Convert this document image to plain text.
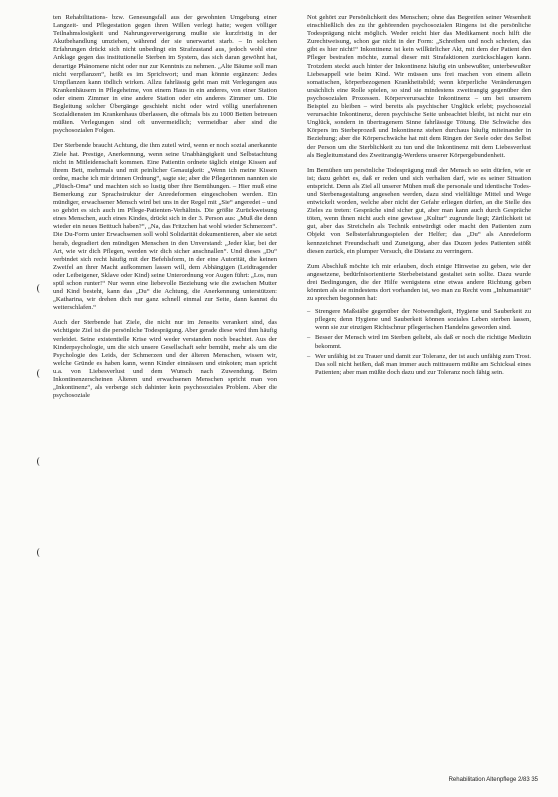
ten Rehabilitations- bzw. Genesungsfall aus der gewohnten Umgebung einer Langzeit- und Pflegestation gegen ihren Willen verlegt hatte; wegen völliger Teilnahmslosigkeit und Nahrungsverweigerung mußte sie kurzfristig in der Akutbehandlung umziehen, während der sie unerwartet starb. – In solchen Erfahrungen drückt sich nicht unbedingt ein Strafzustand aus, jedoch wohl eine Anklage gegen das institutionelle Sterben im System, das sich daran gewöhnt hat, derartige Phänomene nicht oder nur zur Kenntnis zu nehmen. „Alte Bäume soll man nicht verpflanzen“, heißt es im Sprichwort; und man könnte ergänzen: Jedes Umpflanzen kann tödlich wirken. Allzu fahrlässig geht man mit Verlegungen aus Krankenhäusern in Pflegeheime, von einem Haus in ein anderes, von einer Station oder einem Zimmer in eine andere Station oder ein anderes Zimmer um. Die Begleitung solcher Übergänge geschieht nicht oder wird völlig unerfahrenen Sozialdiensten im Krankenhaus überlassen, die oftmals bis zu 1000 Betten betreuen müßten. Verlegungen sind oft unvermeidlich; vermeidbar aber sind die psychosozialen Folgen.

Der Sterbende braucht Achtung, die ihm zuteil wird, wenn er noch sozial anerkannte Ziele hat. Prestige, Anerkennung, wenn seine Unabhängigkeit und Selbstachtung nicht in Mitleidenschaft kommen. Eine Patientin ordnete täglich einige Kissen auf ihrem Bett, mehrmals und mit peinlicher Genauigkeit: „Wenn ich meine Kissen ordne, mache ich mir drinnen Ordnung“, sagte sie; aber die Pflegerinnen nannten sie „Plüsch-Oma“ und machten sich so lustig über ihre Bemühungen. – Hier muß eine Bemerkung zur Sprachstruktur der Anredeformen eingeschoben werden. Ein mündiger, erwachsener Mensch wird bei uns in der Regel mit „Sie“ angeredet – und so gehört es sich auch im Pflege-Patienten-Verhältnis. Die größte Zurückweisung eines Menschen, auch eines Kindes, drückt sich in der 3. Person aus: „Muß die denn wieder ein neues Betttuch haben?“, „Na, das Fritzchen hat wohl wieder Schmerzen“. Die Du-Form unter Erwachsenen soll wohl Solidarität dokumentieren, aber sie setzt herab, degradiert den mündigen Menschen in den Unverstand: „Jeder klar, bei der Art, wie wir dich Pflegen, werden wir dich sicher anschnallen“. Und dieses „Du“ verbindet sich recht häufig mit der Befehlsform, in der eine Autorität, die keinen Zweifel an ihrer Macht aufkommen lassen will, dem Abhängigen (Leidtragender oder Leibeigener, Sklave oder Kind) seine Unterordnung vor Augen führt: „Los, nun spül schon runter!“ Nur wenn eine liebevolle Beziehung wie die zwischen Mutter und Kind besteht, kann das „Du“ die Achtung, die Anerkennung unterstützen: „Katharina, wir drehen dich nur ganz schnell einmal zur Seite, dann kannst du weiterschlafen.“

Auch der Sterbende hat Ziele, die nicht nur im Jenseits verankert sind, das wichtigste Ziel ist die persönliche Todesprägung. Aber gerade diese wird ihm häufig verleidet. Seine existentielle Krise wird weder verstanden noch beachtet. Aus der Kinderpsychologie, um die sich unsere Gesellschaft sehr bemüht, mehr als um die Psychologie des Leids, der Schmerzen und der älteren Menschen, wissen wir, welche Gründe es haben kann, wenn Kinder einnässen und einkoten; man spricht u.a. von Liebesverlust und dem Wunsch nach Zuwendung. Beim Inkontinenzerscheinen Älteren und erwachsenen Menschen spricht man von „Inkontinenz“, als verberge sich dahinter kein psychosoziales Problem. Aber die psychosoziale

Not gehört zur Persönlichkeit des Menschen; ohne das Begreifen seiner Wesenheit einschließlich des zu ihr gehörenden psychosozialen Ringens ist die persönliche Todesprägung nicht möglich. Weder reicht hier das Medikament noch hilft die Zurechtweisung, schon gar nicht in der Form: „Schreiben und noch schreien, das gibt es hier nicht!“ Inkontinenz ist kein willkürlicher Akt, mit dem der Patient den Pfleger bestrafen möchte, zumal dieser mit Strafaktionen zurückschlagen kann. Trotzdem steckt auch hinter der Inkontinenz häufig ein unbewußter, unterbewußter Liebesappell wie beim Kind. Wir müssen uns frei machen von einem allein somatischen, körperbezogenen Krankheitsbild; wenn körperliche Veränderungen ursächlich eine Rolle spielen, so sind sie mindestens zweitrangig gegenüber den psychosozialen Prozessen. Körperverursachte Inkontinenz – um bei unserem Beispiel zu bleiben – wird bereits als psychischer Unglück erlebt; psychosozial verursachte Inkontinenz, deren psychische Seite unbeachtet bleibt, ist nicht nur ein Unglück, sondern in übertragenem Sinne fahrlässige Tötung. Die Schwäche des Körpers im Sterbeprozeß und Inkontinenz stehen durchaus häufig miteinander in Beziehung; aber die Körperschwäche hat mit dem Ringen der Seele oder des Selbst der Person um die Sterblichkeit zu tun und die Inkontinenz mit dem Liebesverlust als Begleitumstand des Zweitrangig-Werdens unserer Körpergebundenheit.

Im Bemühen um persönliche Todesprägung muß der Mensch so sein dürfen, wie er ist; dazu gehört es, daß er reden und sich verhalten darf, wie es seiner Situation entspricht. Denn als Ziel all unserer Mühen muß die personale und identische Todes- und Sterbensgestaltung angesehen werden, dazu sind vielfältige Mittel und Wege entwickelt worden, welche aber nicht der Gefahr erliegen dürfen, an die Stelle des Zieles zu treten: Gespräche sind sicher gut, aber man kann auch durch Gespräche töten, wenn ihnen nicht auch eine gewisse „Kultur“ zugrunde liegt; Zärtlichkeit ist gut, aber das Streicheln als Technik entwürdigt oder macht den Patienten zum Objekt von Selbsterfahrungsspielen der Helfer; das „Du“ als Anredeform kennzeichnet Freundschaft und Zuneigung, aber das Duzen jedes Patienten stößt diesen zurück, ein plumper Versuch, die Distanz zu verringern.

Zum Abschluß möchte ich mir erlauben, doch einige Hinweise zu geben, wie der angesetzene, bedürfnisorientierte Sterbebeistand gestaltet sein sollte. Dazu wurde drei Bedingungen, die der Hilfe wenigstens eine etwas andere Richtung geben könnten als sie mindestens dort vorhanden ist, wo man zu Recht vom „Inhumanität“ zu sprechen begonnen hat:

– Strengere Maßstäbe gegenüber der Notwendigkeit, Hygiene und Sauberkeit zu pflegen; denn Hygiene und Sauberkeit können soziales Leben sterben lassen, wenn sie zur einzigen Richtschnur pflegerischen Handelns geworden sind.
– Besser der Mensch wird im Sterben geliebt, als daß er noch die richtige Medizin bekommt.
– Wer unfähig ist zu Trauer und damit zur Toleranz, der ist auch unfähig zum Trost. Das soll nicht heißen, daß man immer auch mittrauern müßte am Schicksal eines Patienten; aber man müßte doch dazu und zur Toleranz noch fähig sein.
Rehabilitation Altenpflege 2/83 35
